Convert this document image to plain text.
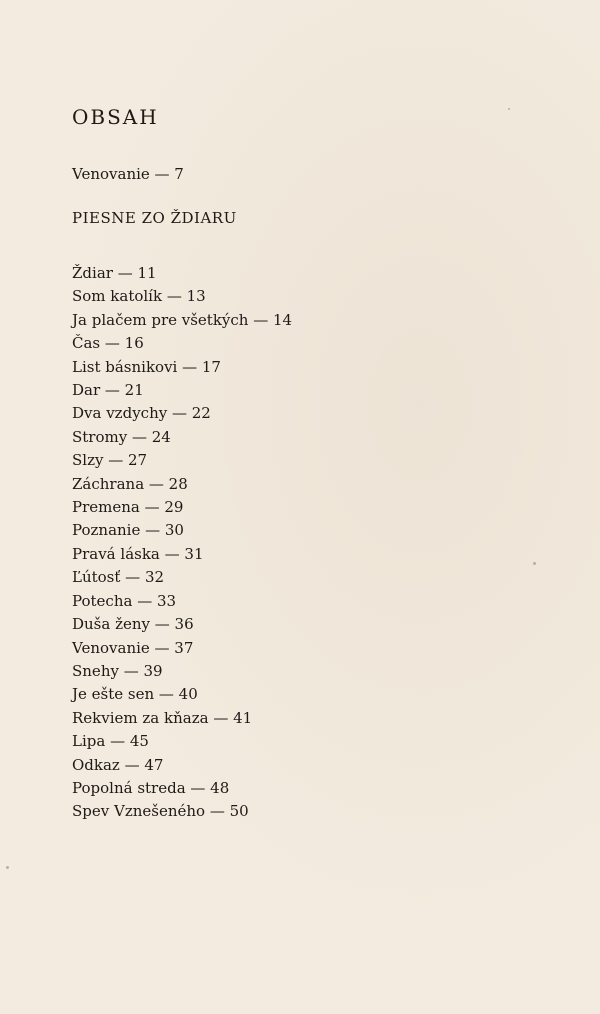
OBSAH
Venovanie — 7
PIESNE ZO ŽDIARU
Ždiar — 11
Som katolík — 13
Ja plačem pre všetkých — 14
Čas — 16
List básnikovi — 17
Dar — 21
Dva vzdychy — 22
Stromy — 24
Slzy — 27
Záchrana — 28
Premena — 29
Poznanie — 30
Pravá láska — 31
Ľútosť — 32
Potecha — 33
Duša ženy — 36
Venovanie — 37
Snehy — 39
Je ešte sen — 40
Rekviem za kňaza — 41
Lipa — 45
Odkaz — 47
Popolná streda — 48
Spev Vznešeného — 50
